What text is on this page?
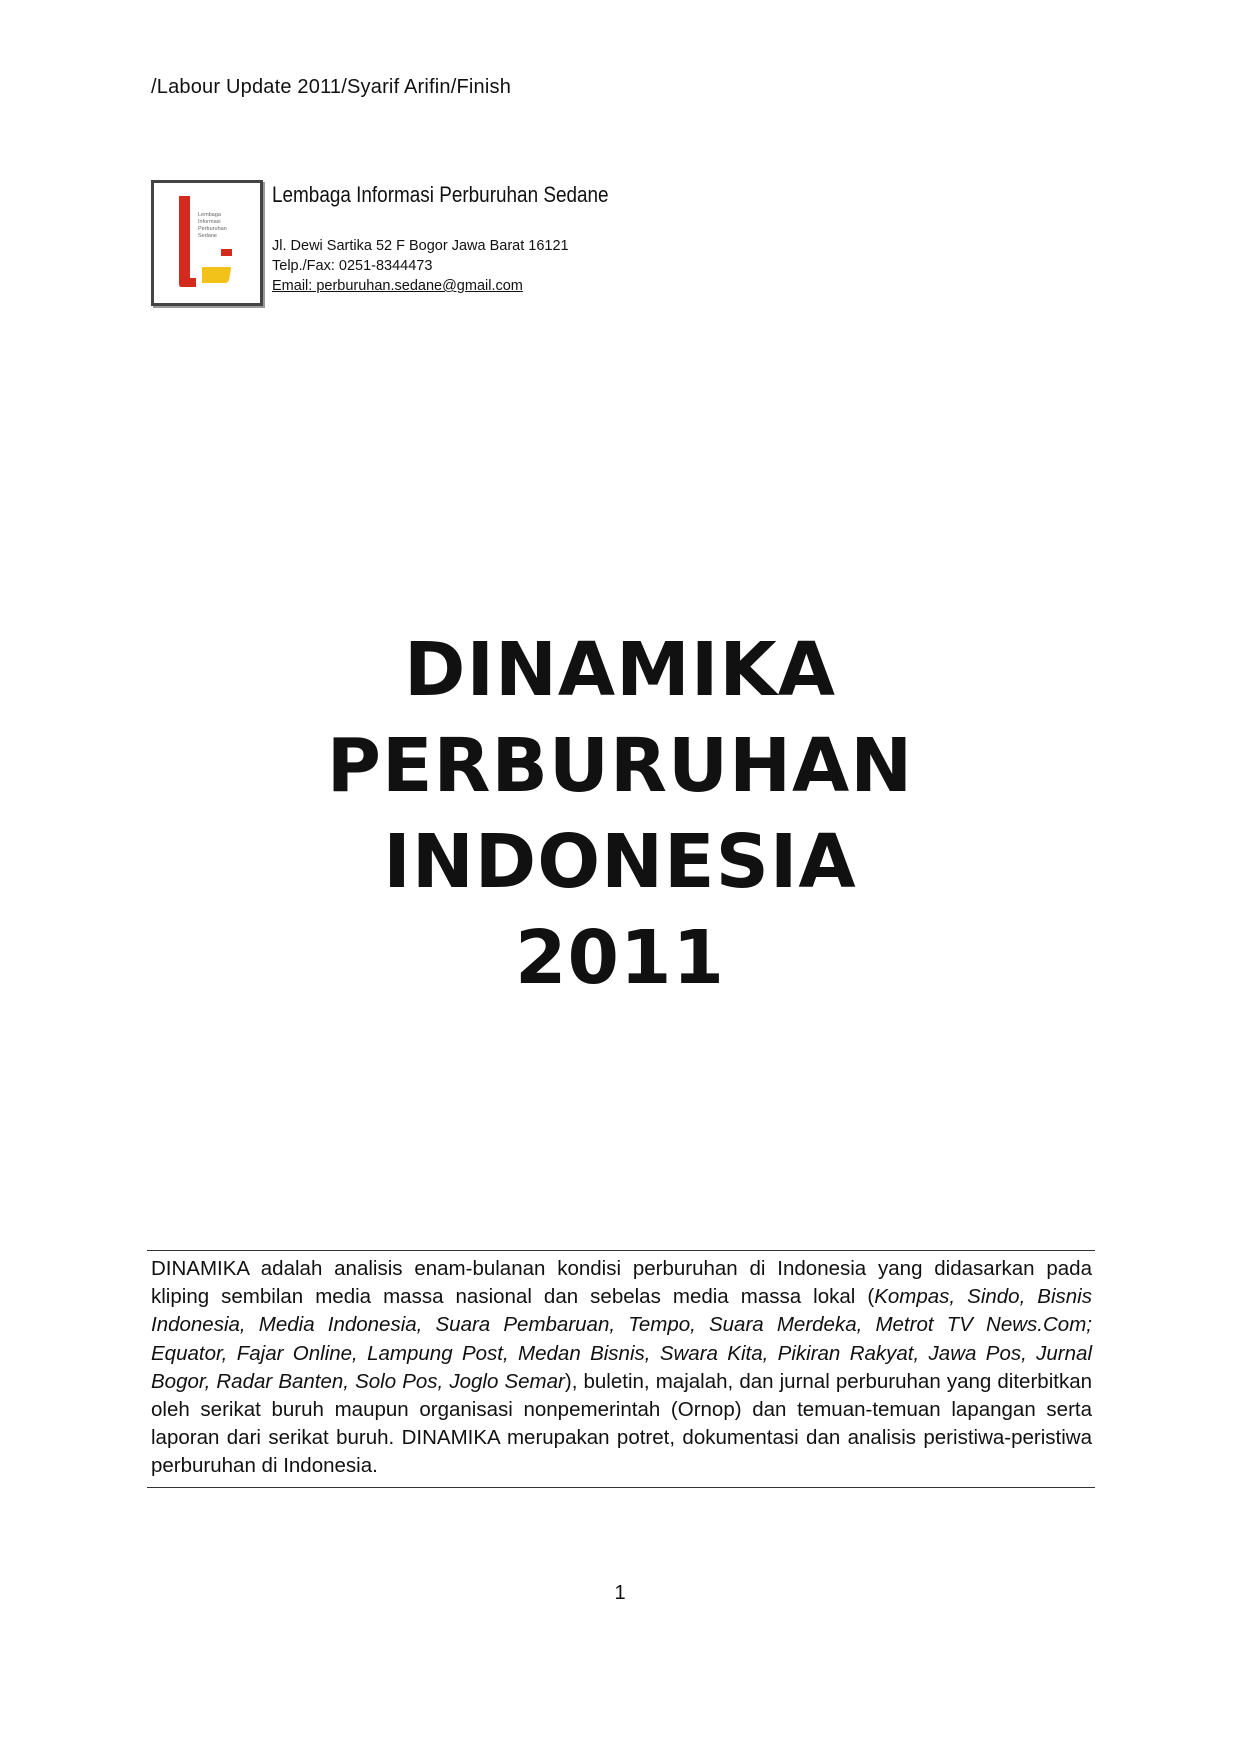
/Labour Update 2011/Syarif Arifin/Finish
Lembaga
Informasi
Perburuhan
Sedane
Lembaga Informasi Perburuhan Sedane
Jl. Dewi Sartika 52 F Bogor Jawa Barat 16121
Telp./Fax: 0251-8344473
Email: perburuhan.sedane@gmail.com
DINAMIKA
PERBURUHAN
INDONESIA
2011
DINAMIKA adalah analisis enam-bulanan kondisi perburuhan di Indonesia yang didasarkan pada kliping sembilan media massa nasional dan sebelas media massa lokal (Kompas, Sindo, Bisnis Indonesia, Media Indonesia, Suara Pembaruan, Tempo, Suara Merdeka, Metrot TV News.Com; Equator, Fajar Online, Lampung Post, Medan Bisnis, Swara Kita, Pikiran Rakyat, Jawa Pos, Jurnal Bogor, Radar Banten, Solo Pos, Joglo Semar), buletin, majalah, dan jurnal perburuhan yang diterbitkan oleh serikat buruh maupun organisasi nonpemerintah (Ornop) dan temuan-temuan lapangan serta laporan dari serikat buruh. DINAMIKA merupakan potret, dokumentasi dan analisis peristiwa-peristiwa perburuhan di Indonesia.
1
